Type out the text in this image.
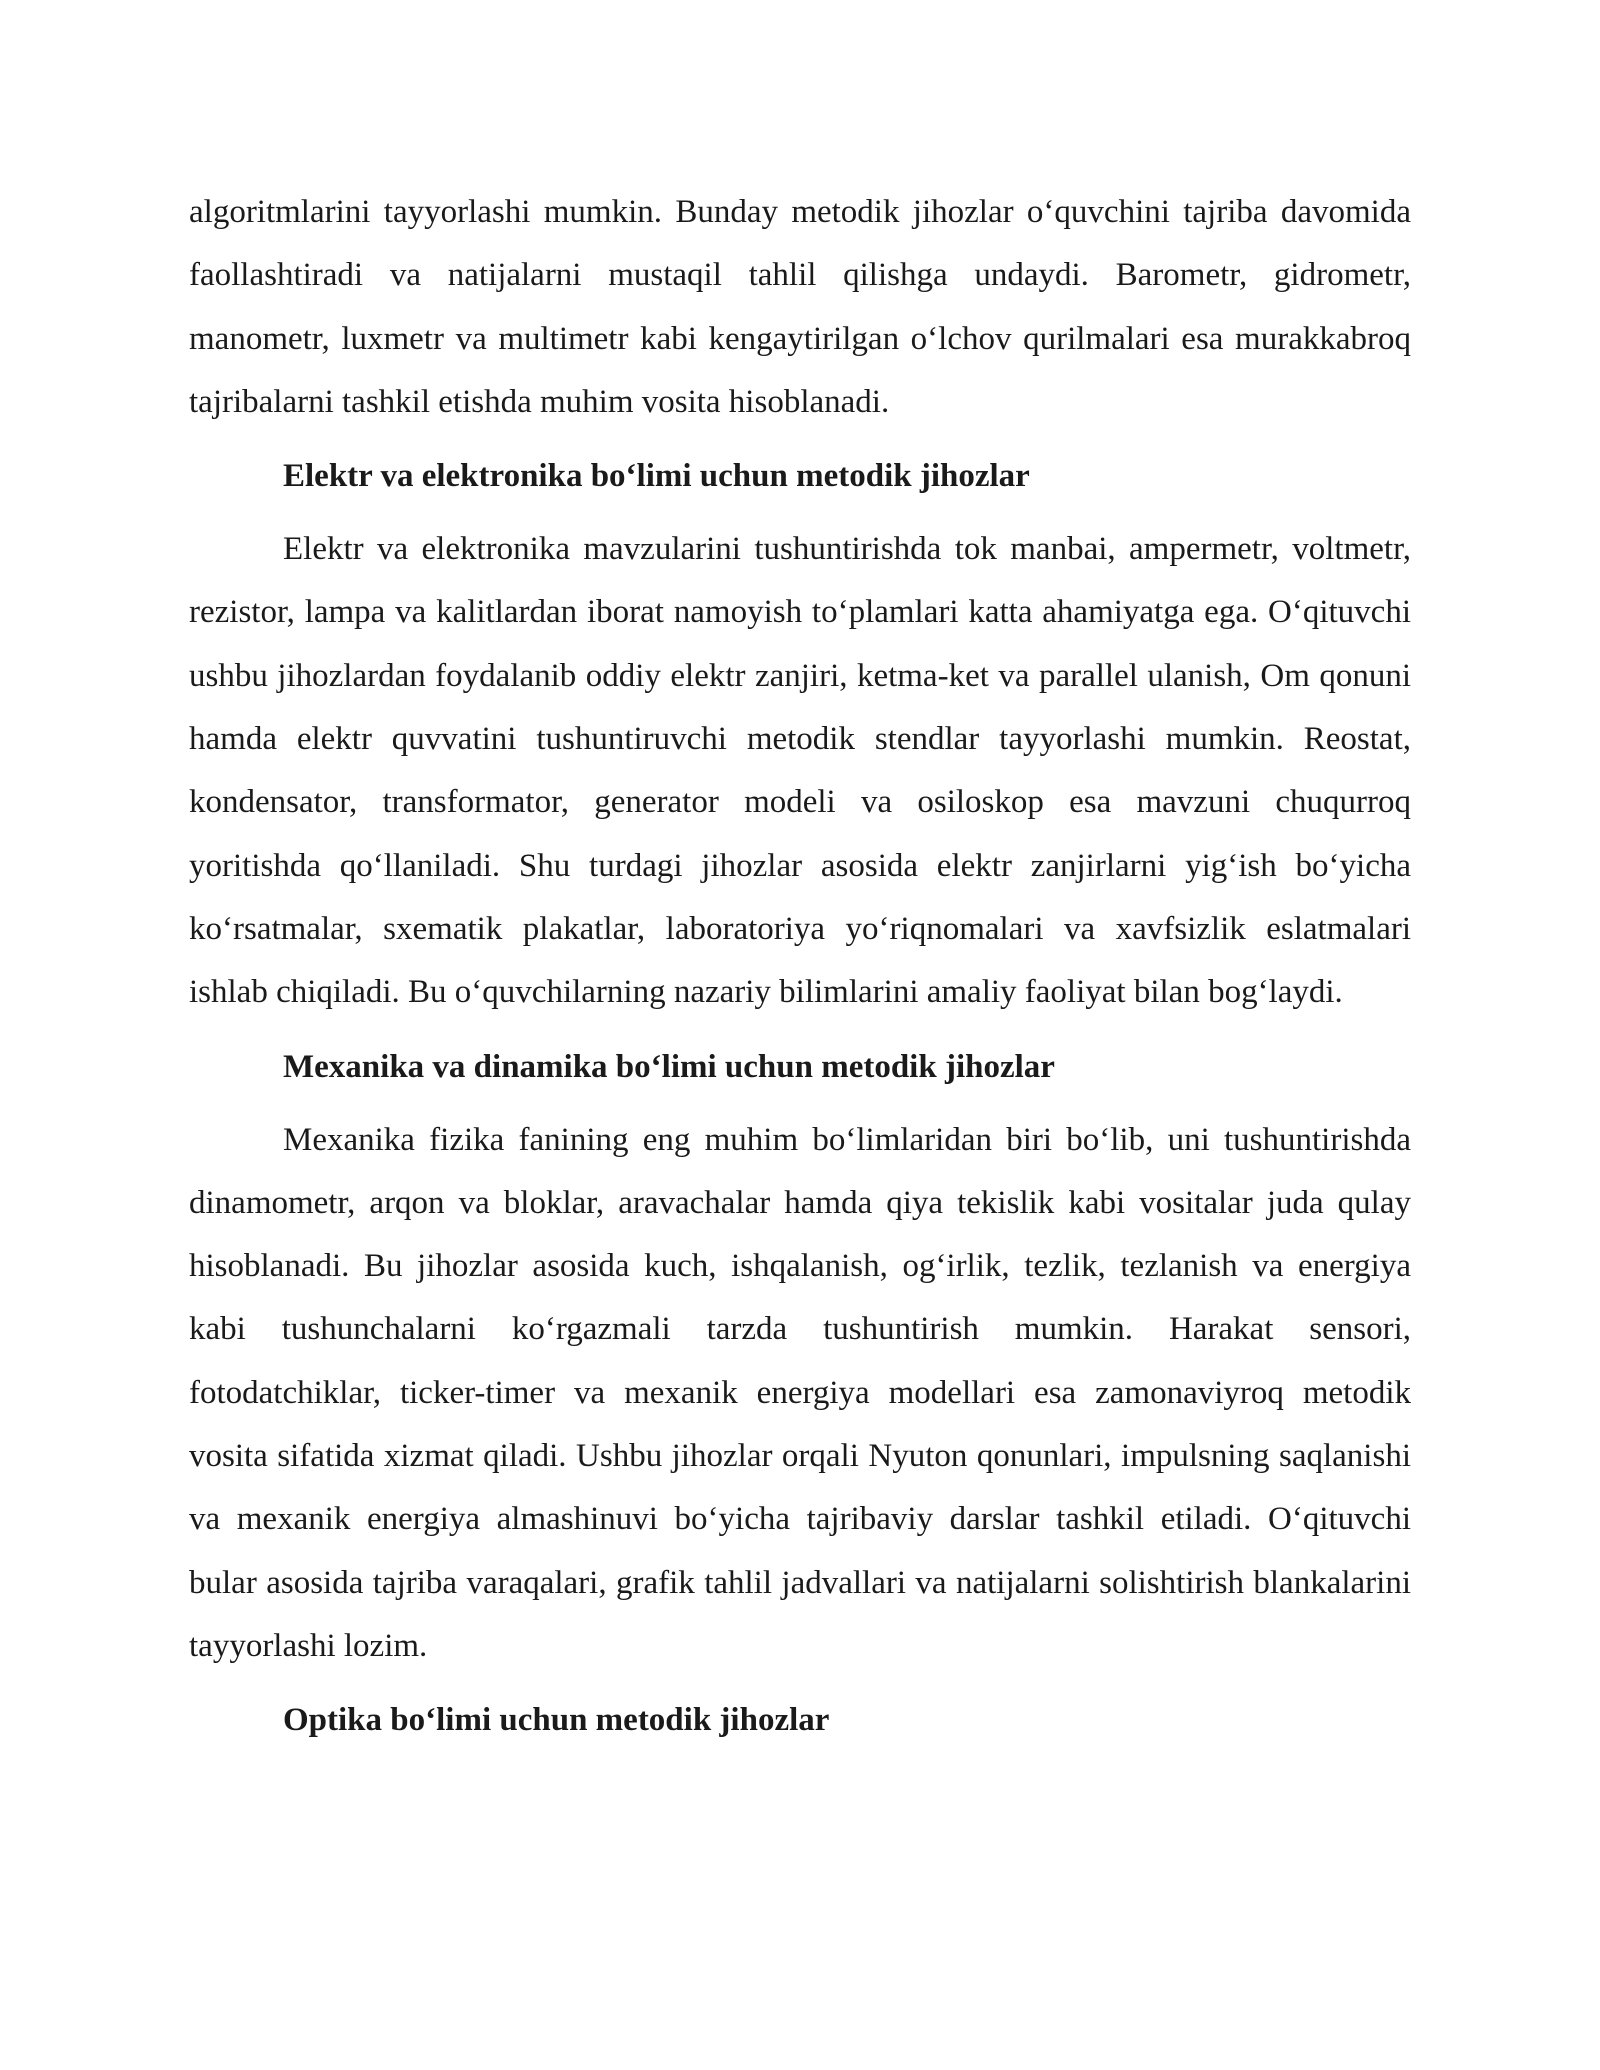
algoritmlarini tayyorlashi mumkin. Bunday metodik jihozlar o‘quvchini tajriba davomida faollashtiradi va natijalarni mustaqil tahlil qilishga undaydi. Barometr, gidrometr, manometr, luxmetr va multimetr kabi kengaytirilgan o‘lchov qurilmalari esa murakkabroq tajribalarni tashkil etishda muhim vosita hisoblanadi.

Elektr va elektronika bo‘limi uchun metodik jihozlar

Elektr va elektronika mavzularini tushuntirishda tok manbai, ampermetr, voltmetr, rezistor, lampa va kalitlardan iborat namoyish to‘plamlari katta ahamiyatga ega. O‘qituvchi ushbu jihozlardan foydalanib oddiy elektr zanjiri, ketma-ket va parallel ulanish, Om qonuni hamda elektr quvvatini tushuntiruvchi metodik stendlar tayyorlashi mumkin. Reostat, kondensator, transformator, generator modeli va osiloskop esa mavzuni chuqurroq yoritishda qo‘llaniladi. Shu turdagi jihozlar asosida elektr zanjirlarni yig‘ish bo‘yicha ko‘rsatmalar, sxematik plakatlar, laboratoriya yo‘riqnomalari va xavfsizlik eslatmalari ishlab chiqiladi. Bu o‘quvchilarning nazariy bilimlarini amaliy faoliyat bilan bog‘laydi.

Mexanika va dinamika bo‘limi uchun metodik jihozlar

Mexanika fizika fanining eng muhim bo‘limlaridan biri bo‘lib, uni tushuntirishda dinamometr, arqon va bloklar, aravachalar hamda qiya tekislik kabi vositalar juda qulay hisoblanadi. Bu jihozlar asosida kuch, ishqalanish, og‘irlik, tezlik, tezlanish va energiya kabi tushunchalarni ko‘rgazmali tarzda tushuntirish mumkin. Harakat sensori, fotodatchiklar, ticker-timer va mexanik energiya modellari esa zamonaviyroq metodik vosita sifatida xizmat qiladi. Ushbu jihozlar orqali Nyuton qonunlari, impulsning saqlanishi va mexanik energiya almashinuvi bo‘yicha tajribaviy darslar tashkil etiladi. O‘qituvchi bular asosida tajriba varaqalari, grafik tahlil jadvallari va natijalarni solishtirish blankalarini tayyorlashi lozim.

Optika bo‘limi uchun metodik jihozlar
